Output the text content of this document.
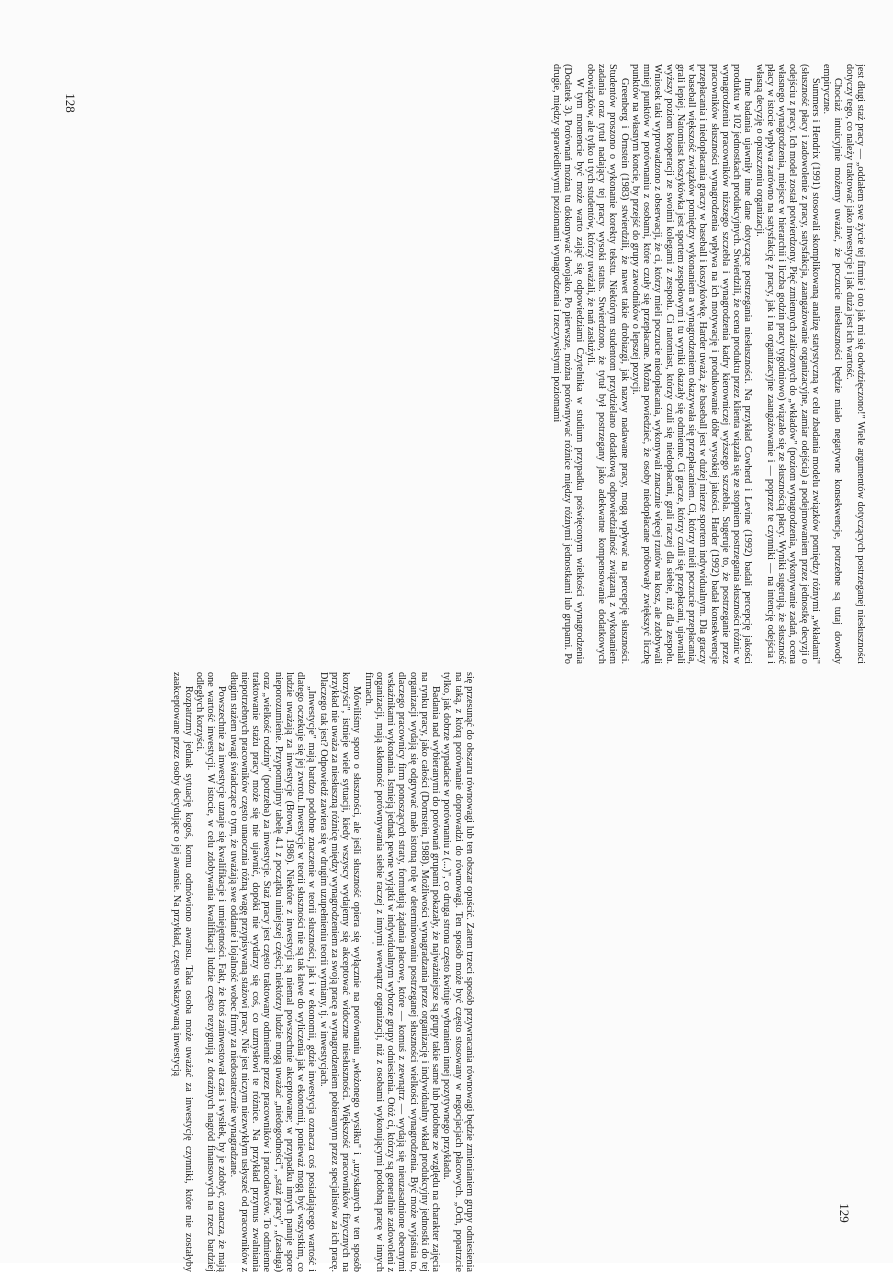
jest długi staż pracy — „oddałem swe życie tej firmie i oto jak mi się odwdzięczono!" Wiele argumentów dotyczących postrzeganej niesłuszności dotyczy tego, co należy traktować jako inwestycje i jak duża jest ich wartość.

Chociaż intuicyjnie możemy uważać, że poczucie niesłuszności będzie miało negatywne konsekwencje, potrzebne są tutaj dowody empiryczne.

Summers i Hendrix (1991) stosowali skomplikowaną analizę statystyczną w celu zbadania modelu związków pomiędzy różnymi „wkładami" (słuszność płacy i zadowolenie z pracy, satysfakcja, zaangażowanie organizacyjne, zamiar odejścia) a podejmowaniem przez jednostkę decyzji o odejściu z pracy. Ich model został potwierdzony. Pięć zmiennych zaliczonych do „wkładów" (poziom wynagrodzenia, wykonywanie zadań, ocena własnego wynagrodzenia, miejsce w hierarchii i liczba godzin pracy tygodniowo) wiązało się ze słusznością płacy. Wyniki sugerują, że słuszność płacy w istocie wpływa zarówno na satysfakcję z pracy, jak i na organizacyjne zaangażowanie i — poprzez te czynniki — na intencję odejścia i własną decyzję o opuszczeniu organizacji.

Inne badania ujawniły inne dane dotyczące postrzegania niesłuszności. Na przykład Cowherd i Levine (1992) badali percepcję jakości produktu w 102 jednostkach produkcyjnych. Stwierdzili, że ocena produktu przez klienta wiązała się ze stopniem postrzegania słuszności różnic w wynagrodzeniu pracowników niższego szczebla i wynagrodzenia kadry kierowniczej wyższego szczebla. Sugeruje to, że postrzeganie przez pracowników słuszności wynagrodzenia wpływa na ich motywację i produkowanie dóbr wysokiej jakości. Harder (1992) badał konsekwencje przepłacania i niedopłacania graczy w baseball i koszykówkę. Harder uważa, że baseball jest w dużej mierze sportem indywidualnym. Dla graczy w baseball większość związków pomiędzy wykonaniem a wynagrodzeniem okazywała się przepłacaniem. Ci, którzy mieli poczucie przepłacania, grali lepiej. Natomiast koszykówka jest sportem zespołowym i tu wyniki okazały się odmienne. Ci gracze, którzy czuli się przepłacani, ujawniali wyższy poziom kooperacji ze swoimi kolegami z zespołu. Ci natomiast, którzy czuli się niedopłacani, grali raczej dla siebie, niż dla zespołu. Wniosek taki wyprowadzono z obserwacji, że ci, którzy mieli poczucie niedopłacania, wykonywali znacznie więcej rzutów na kosz, ale zdobywali mniej punktów w porównaniu z osobami, które czuły się przepłacane. Można powiedzieć, że osoby niedopłacane próbowały zwiększyć liczbę punktów na własnym koncie, by przejść do grupy zawodników o lepszej pozycji.

Greenberg i Ornstein (1983) stwierdzili, że nawet takie drobiazgi, jak nazwy nadawane pracy, mogą wpływać na percepcję słuszności. Studentów proszono o wykonanie korekty tekstu. Niektórym studentom przydzielano dodatkową odpowiedzialność związaną z wykonaniem zadania oraz tytuł nadający tej pracy wysoki status. Stwierdzono, że tytuł był postrzegany jako adekwatne kompensowanie dodatkowych obowiązków, ale tylko u tych studentów, którzy uważali, że nań zasłużyli.

W tym momencie być może warto zająć się odpowiedziami Czytelnika w studium przypadku poświęconym wielkości wynagrodzenia (Dodatek 3). Porównań można tu dokonywać dwojako. Po pierwsze, można porównywać różnice między różnymi jednostkami lub grupami. Po drugie, między sprawiedliwymi poziomami wynagrodzenia i rzeczywistymi poziomami

się przesunąć do obszaru równowagi lub ten obszar opuścić. Zatem trzeci sposób przywracania równowagi będzie zmienianiem grupy odniesienia na taką, z którą porównanie doprowadzi do równowagi. Ten sposób może być często stosowany w negocjacjach płacowych. „Och, popatrzcie tylko, jak dobrze wypadacie w porównaniu z (...)", co druga strona często kwituje wybraniem innej pozytywnego przykładu.

Badania nad wybieranymi do porównań grupami pokazały, że najważniejsze są grupy takie same lub podobne ze względu na charakter zajęcia na rynku pracy, jako całości (Dornstein, 1988). Możliwości wynagradzania przez organizację i indywidualny wkład produkcyjny jednostki do tej organizacji wydają się odgrywać mało istotną rolę w determinowaniu postrzeganej słuszności wielkości wynagrodzenia. Być może wyjaśnia to, dlaczego pracownicy firm ponoszących straty, formułują żądania płacowe, które — komuś z zewnątrz — wydają się nieuzasadnione obecnymi wskaźnikami wykonania. Istnieją jednak pewne wyjątki w indywidualnym wyborze grupy odniesienia. Otóż ci, którzy są generalnie zadowoleni z organizacji, mają skłonność porównywania siebie raczej z innymi wewnątrz organizacji, niż z osobami wykonującymi podobną pracę w innych firmach.

Mówiliśmy sporo o słuszności, ale jeśli słuszność opiera się wyłącznie na porównaniu „włożonego wysiłku" i „uzyskanych w ten sposób korzyści", istnieje wiele sytuacji, kiedy wszyscy wydajemy się akceptować widoczne niesłuszności. Większość pracowników fizycznych na przykład nie uważa za niesłuszną różnicę między wynagrodzeniem za swoją pracę a wynagrodzeniem pobieranym przez specjalistów za ich pracę. Dlaczego tak jest? Odpowiedź zawiera się w drugim uzupełnieniu teorii wymiany, tj. w inwestycjach.

„Inwestycje" mają bardzo podobne znaczenie w teorii słuszności, jak i w ekonomii, gdzie inwestycja oznacza coś posiadającego wartość i dlatego oczekuje się jej zwrotu. Inwestycje w teorii słuszności nie są tak łatwe do wyliczenia jak w ekonomii, ponieważ mogą być wszystkim, co ludzie uważają za inwestycje (Brown, 1986). Niektóre z inwestycji są niemal powszechnie akceptowane; w przypadku innych panuje spore nieporozumienie. Przypomnijmy tabelę 4.1 z początku niniejszej części; niektórzy ludzie mogą uważać „niedogodności", „staż pracy", „(zasługa) oraz „wielkość rodziny" (potrzeba) za inwestycje. Staż pracy jest często traktowany odmiennie przez pracowników i pracodawców. To odmienne traktowanie stażu pracy może się nie ujawnić, dopóki nie wydarzy się coś, co uzmysłowi te różnice. Na przykład przymus zwalniania niepotrzebnych pracowników często unaocznia różną wagę przypisywaną stażowi pracy. Nie jest niczym niezwykłym usłyszeć od pracowników z długim stażem uwagi świadczące o tym, że uważają swe oddanie i lojalność wobec firmy za niedostatecznie wynagradzane.

Powszechnie za inwestycje uznaje się kwalifikacje i umiejętności. Fakt, że ktoś zainwestował czas i wysiłek, by je zdobyć, oznacza, że mają one wartość inwestycji. W istocie, w celu zdobywania kwalifikacji ludzie często rezygnują z doraźnych nagród finansowych na rzecz bardziej odległych korzyści.

Rozpatrzmy jednak sytuację kogoś, komu odmówiono awansu. Taka osoba może uważać za inwestycję czynniki, które nie zostałyby zaakceptowane przez osoby decydujące o jej awansie. Na przykład, często wskazywaną inwestycją

129
128
